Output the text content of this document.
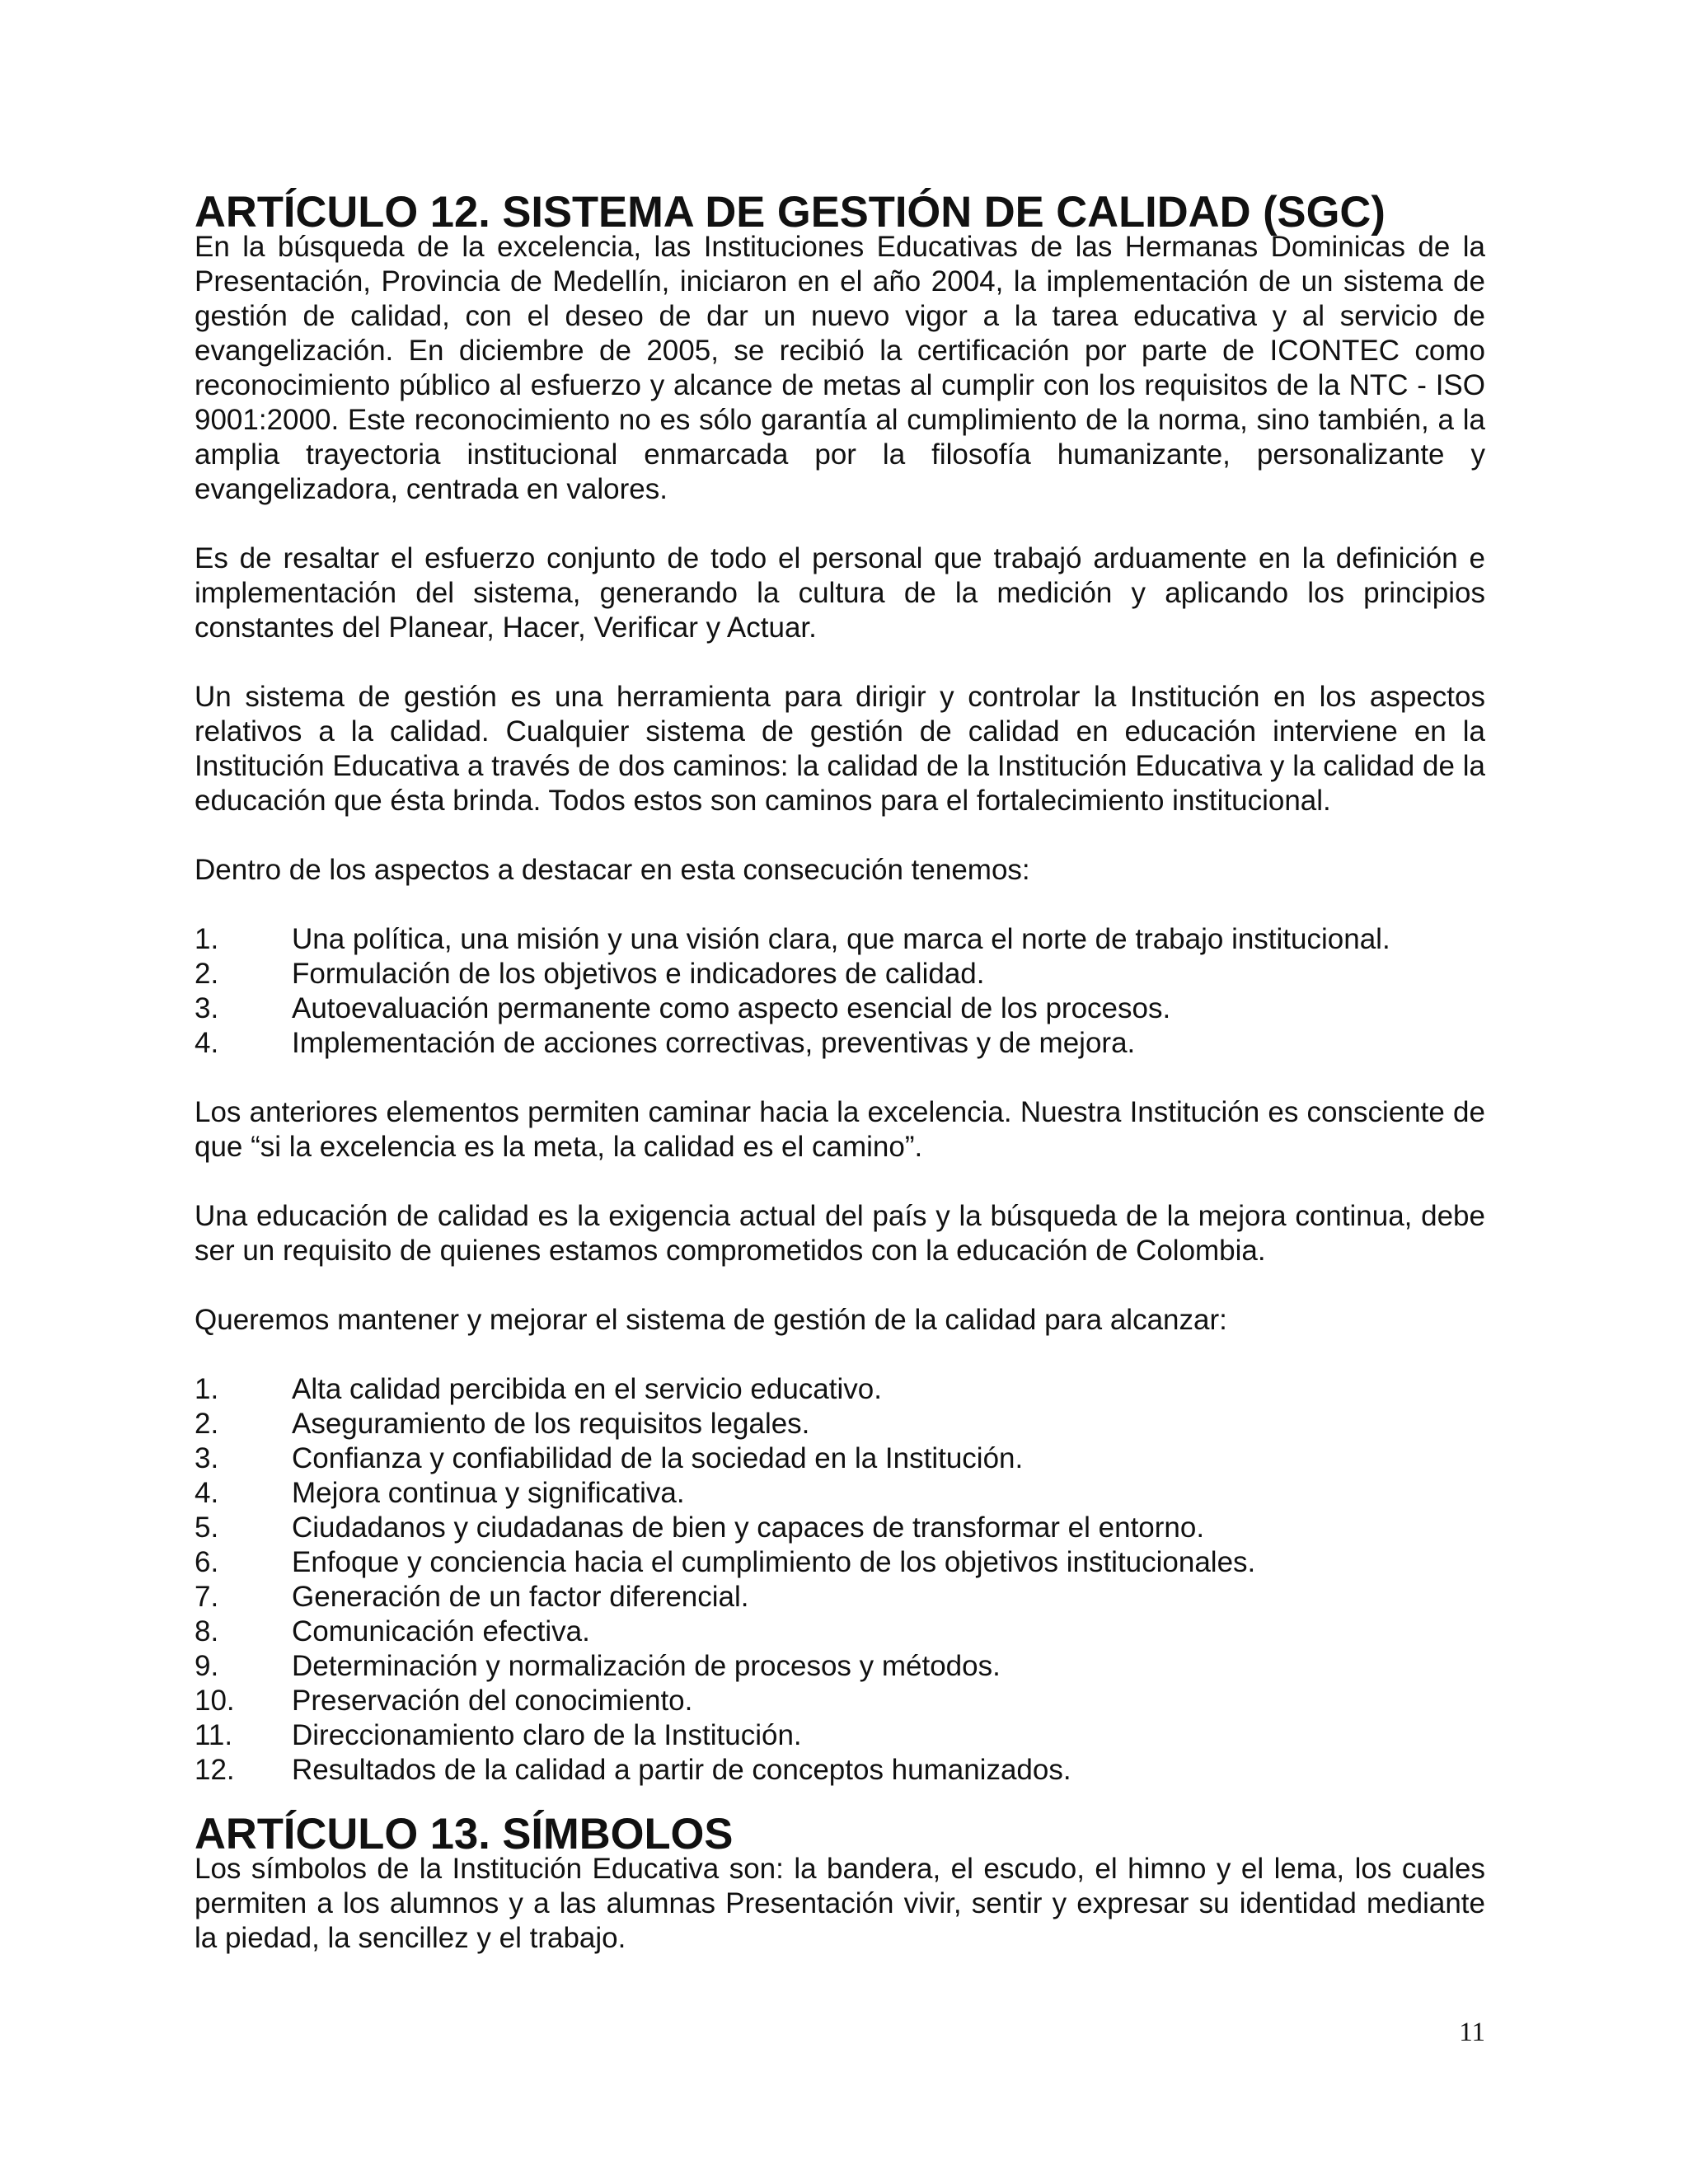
ARTÍCULO 12. SISTEMA DE GESTIÓN DE CALIDAD (SGC)

En la búsqueda de la excelencia, las Instituciones Educativas de las Hermanas Dominicas de la Presentación, Provincia de Medellín, iniciaron en el año 2004, la implementación de un sistema de gestión de calidad, con el deseo de dar un nuevo vigor a la tarea educativa y al servicio de evangelización. En diciembre de 2005, se recibió la certificación por parte de ICONTEC como reconocimiento público al esfuerzo y alcance de metas al cumplir con los requisitos de la NTC - ISO 9001:2000. Este reconocimiento no es sólo garantía al cumplimiento de la norma, sino también, a la amplia trayectoria institucional enmarcada por la filosofía humanizante, personalizante y evangelizadora, centrada en valores.

Es de resaltar el esfuerzo conjunto de todo el personal que trabajó arduamente en la definición e implementación del sistema, generando la cultura de la medición y aplicando los principios constantes del Planear, Hacer, Verificar y Actuar.

Un sistema de gestión es una herramienta para dirigir y controlar la Institución en los aspectos relativos a la calidad. Cualquier sistema de gestión de calidad en educación interviene en la Institución Educativa a través de dos caminos: la calidad de la Institución Educativa y la calidad de la educación que ésta brinda. Todos estos son caminos para el fortalecimiento institucional.

Dentro de los aspectos a destacar en esta consecución tenemos:

1.	Una política, una misión y una visión clara, que marca el norte de trabajo institucional.
2.	Formulación de los objetivos e indicadores de calidad.
3.	Autoevaluación permanente como aspecto esencial de los procesos.
4.	Implementación de acciones correctivas, preventivas y de mejora.

Los anteriores elementos permiten caminar hacia la excelencia. Nuestra Institución es consciente de que “si la excelencia es la meta, la calidad es el camino”.

Una educación de calidad es la exigencia actual del país y la búsqueda de la mejora continua, debe ser un requisito de quienes estamos comprometidos con la educación de Colombia.

Queremos mantener y mejorar el sistema de gestión de la calidad para alcanzar:

1.	Alta calidad percibida en el servicio educativo.
2.	Aseguramiento de los requisitos legales.
3.	Confianza y confiabilidad de la sociedad en la Institución.
4.	Mejora continua y significativa.
5.	Ciudadanos y ciudadanas de bien y capaces de transformar el entorno.
6.	Enfoque y conciencia hacia el cumplimiento de los objetivos institucionales.
7.	Generación de un factor diferencial.
8.	Comunicación efectiva.
9.	Determinación y normalización de procesos y métodos.
10.	Preservación del conocimiento.
11.	Direccionamiento claro de la Institución.
12.	Resultados de la calidad a partir de conceptos humanizados.
ARTÍCULO 13. SÍMBOLOS

Los símbolos de la Institución Educativa son: la bandera, el escudo, el himno y el lema, los cuales permiten a los alumnos y a las alumnas Presentación vivir, sentir y expresar su identidad mediante la piedad, la sencillez y el trabajo.

11
